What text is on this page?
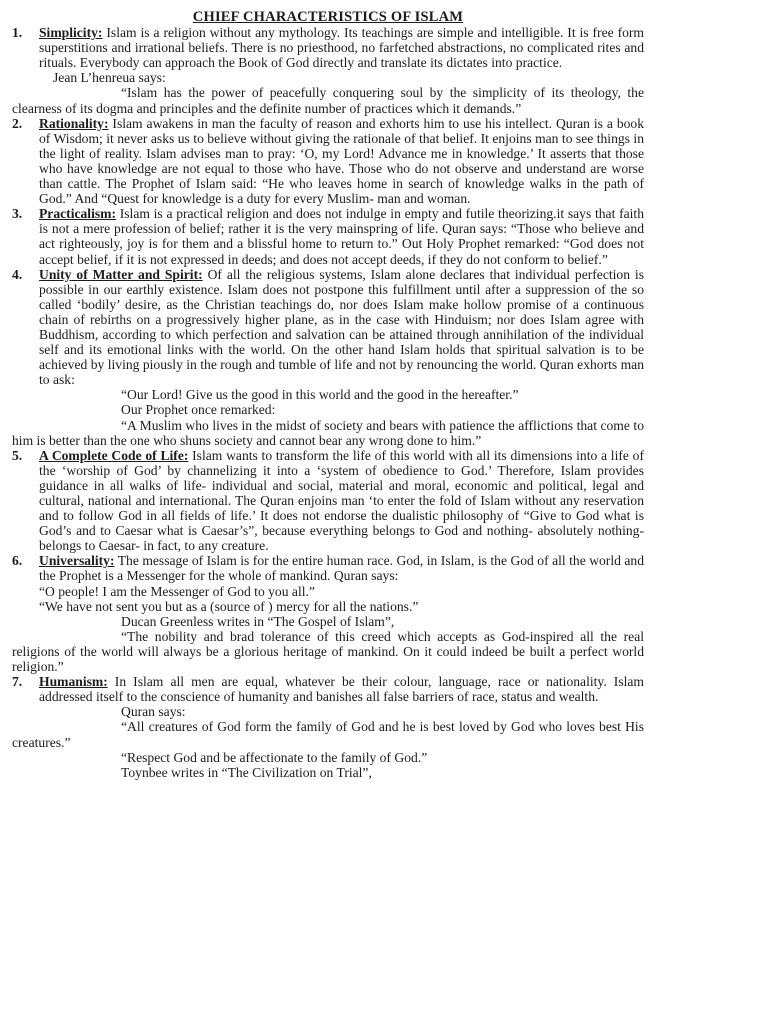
CHIEF CHARACTERISTICS OF ISLAM
1. Simplicity: Islam is a religion without any mythology. Its teachings are simple and intelligible. It is free form superstitions and irrational beliefs. There is no priesthood, no farfetched abstractions, no complicated rites and rituals. Everybody can approach the Book of God directly and translate its dictates into practice.

Jean L’henreua says:

“Islam has the power of peacefully conquering soul by the simplicity of its theology, the clearness of its dogma and principles and the definite number of practices which it demands.”

2. Rationality: Islam awakens in man the faculty of reason and exhorts him to use his intellect. Quran is a book of Wisdom; it never asks us to believe without giving the rationale of that belief. It enjoins man to see things in the light of reality. Islam advises man to pray: ‘O, my Lord! Advance me in knowledge.’ It asserts that those who have knowledge are not equal to those who have. Those who do not observe and understand are worse than cattle. The Prophet of Islam said: “He who leaves home in search of knowledge walks in the path of God.” And “Quest for knowledge is a duty for every Muslim- man and woman.

3. Practicalism: Islam is a practical religion and does not indulge in empty and futile theorizing.it says that faith is not a mere profession of belief; rather it is the very mainspring of life. Quran says: “Those who believe and act righteously, joy is for them and a blissful home to return to.” Out Holy Prophet remarked: “God does not accept belief, if it is not expressed in deeds; and does not accept deeds, if they do not conform to belief.”

4. Unity of Matter and Spirit: Of all the religious systems, Islam alone declares that individual perfection is possible in our earthly existence. Islam does not postpone this fulfillment until after a suppression of the so called ‘bodily’ desire, as the Christian teachings do, nor does Islam make hollow promise of a continuous chain of rebirths on a progressively higher plane, as in the case with Hinduism; nor does Islam agree with Buddhism, according to which perfection and salvation can be attained through annihilation of the individual self and its emotional links with the world. On the other hand Islam holds that spiritual salvation is to be achieved by living piously in the rough and tumble of life and not by renouncing the world. Quran exhorts man to ask:

“Our Lord! Give us the good in this world and the good in the hereafter.”

Our Prophet once remarked:

“A Muslim who lives in the midst of society and bears with patience the afflictions that come to him is better than the one who shuns society and cannot bear any wrong done to him.”

5. A Complete Code of Life: Islam wants to transform the life of this world with all its dimensions into a life of the ‘worship of God’ by channelizing it into a ‘system of obedience to God.’ Therefore, Islam provides guidance in all walks of life- individual and social, material and moral, economic and political, legal and cultural, national and international. The Quran enjoins man ‘to enter the fold of Islam without any reservation and to follow God in all fields of life.’ It does not endorse the dualistic philosophy of “Give to God what is God’s and to Caesar what is Caesar’s”, because everything belongs to God and nothing- absolutely nothing- belongs to Caesar- in fact, to any creature.

6. Universality: The message of Islam is for the entire human race. God, in Islam, is the God of all the world and the Prophet is a Messenger for the whole of mankind. Quran says:

“O people! I am the Messenger of God to you all.”

“We have not sent you but as a (source of ) mercy for all the nations.”

Ducan Greenless writes in “The Gospel of Islam”,

“The nobility and brad tolerance of this creed which accepts as God-inspired all the real religions of the world will always be a glorious heritage of mankind. On it could indeed be built a perfect world religion.”

7. Humanism: In Islam all men are equal, whatever be their colour, language, race or nationality. Islam addressed itself to the conscience of humanity and banishes all false barriers of race, status and wealth.

Quran says:

“All creatures of God form the family of God and he is best loved by God who loves best His creatures.”

“Respect God and be affectionate to the family of God.”

Toynbee writes in “The Civilization on Trial”,
